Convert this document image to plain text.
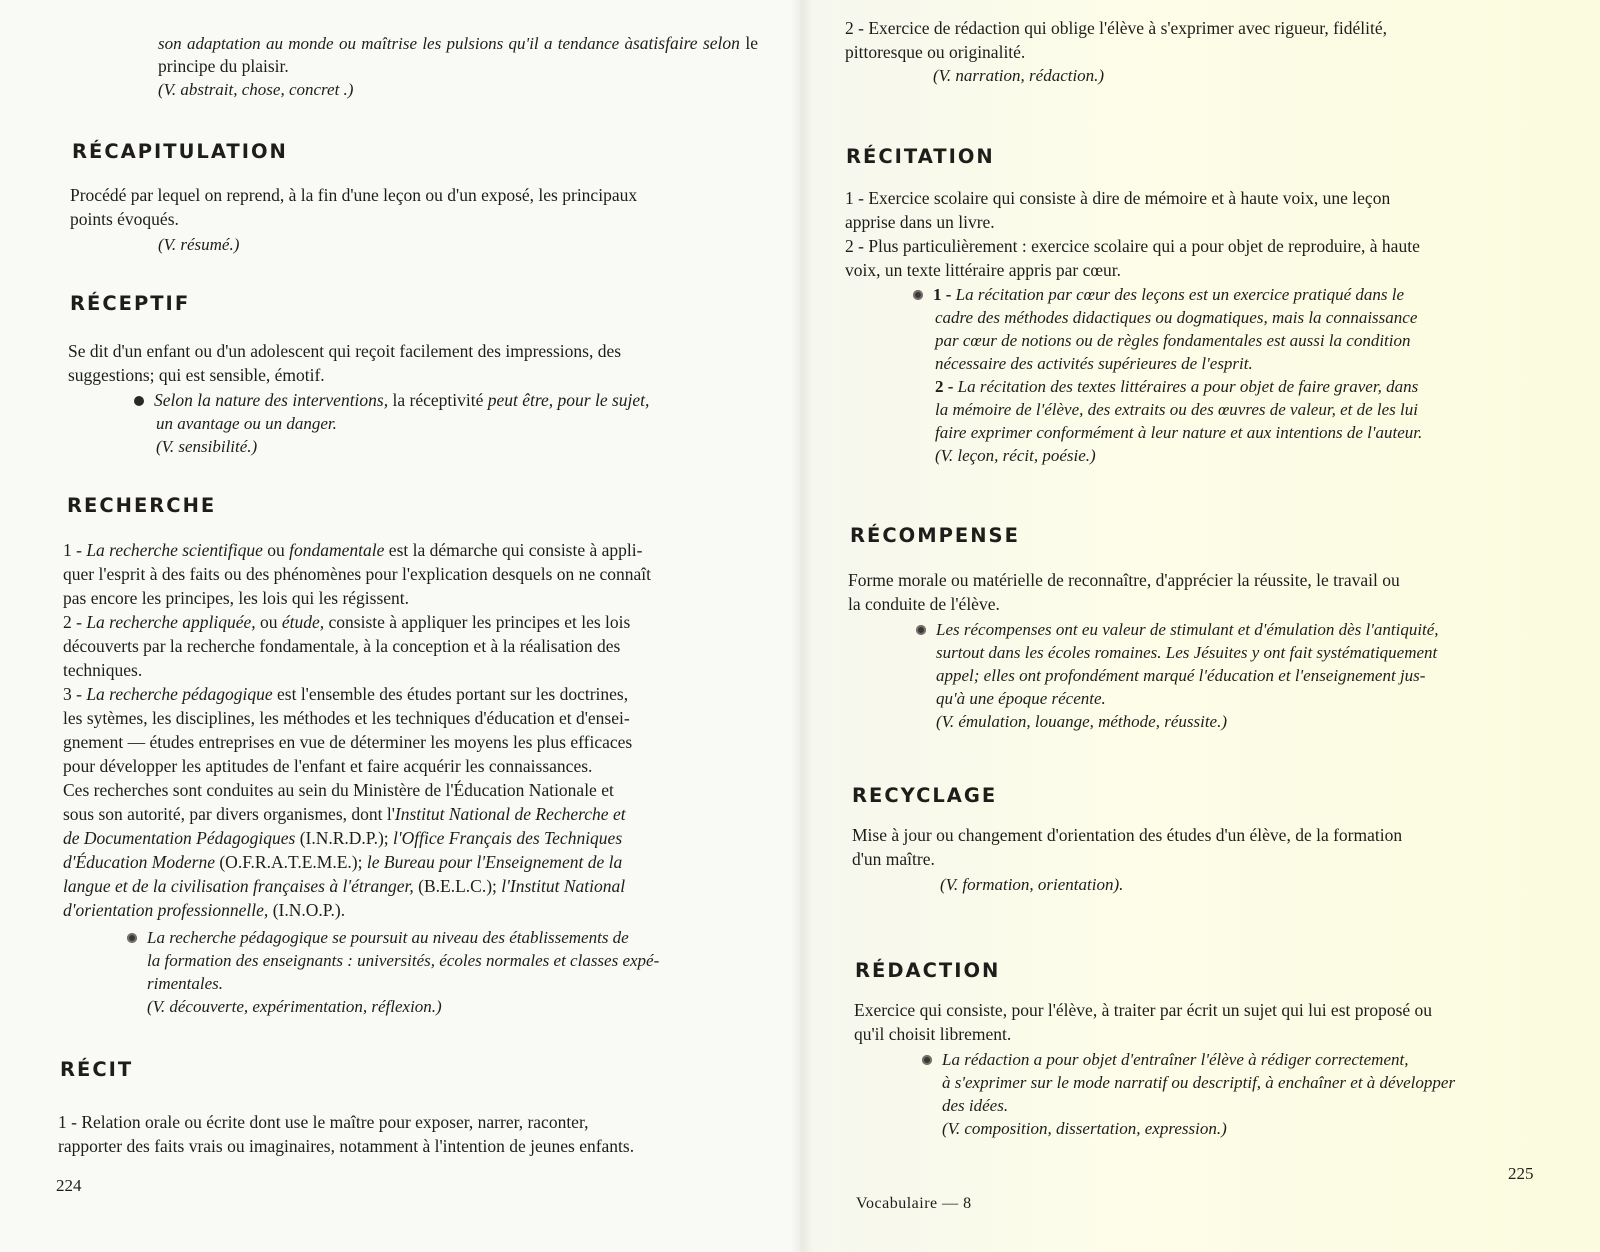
son adaptation au monde ou maîtrise les pulsions qu'il a tendance àsatisfaire selon le principe du plaisir.

(V. abstrait, chose, concret .)

RÉCAPITULATION

Procédé par lequel on reprend, à la fin d'une leçon ou d'un exposé, les principaux
points évoqués.

(V. résumé.)

RÉCEPTIF

Se dit d'un enfant ou d'un adolescent qui reçoit facilement des impressions, des
suggestions; qui est sensible, émotif.

Selon la nature des interventions, la réceptivité peut être, pour le sujet,

un avantage ou un danger.

(V. sensibilité.)

RECHERCHE

1 - La recherche scientifique ou fondamentale est la démarche qui consiste à appli-
quer l'esprit à des faits ou des phénomènes pour l'explication desquels on ne connaît
pas encore les principes, les lois qui les régissent.
2 - La recherche appliquée, ou étude, consiste à appliquer les principes et les lois
découverts par la recherche fondamentale, à la conception et à la réalisation des
techniques.
3 - La recherche pédagogique est l'ensemble des études portant sur les doctrines,
les sytèmes, les disciplines, les méthodes et les techniques d'éducation et d'ensei-
gnement — études entreprises en vue de déterminer les moyens les plus efficaces
pour développer les aptitudes de l'enfant et faire acquérir les connaissances.
Ces recherches sont conduites au sein du Ministère de l'Éducation Nationale et
sous son autorité, par divers organismes, dont l'Institut National de Recherche et
de Documentation Pédagogiques (I.N.R.D.P.); l'Office Français des Techniques
d'Éducation Moderne (O.F.R.A.T.E.M.E.); le Bureau pour l'Enseignement de la
langue et de la civilisation françaises à l'étranger, (B.E.L.C.); l'Institut National
d'orientation professionnelle, (I.N.O.P.).

La recherche pédagogique se poursuit au niveau des établissements de

la formation des enseignants : universités, écoles normales et classes expé-

rimentales.

(V. découverte, expérimentation, réflexion.)

RÉCIT

1 - Relation orale ou écrite dont use le maître pour exposer, narrer, raconter,
rapporter des faits vrais ou imaginaires, notamment à l'intention de jeunes enfants.

224

2 - Exercice de rédaction qui oblige l'élève à s'exprimer avec rigueur, fidélité,
pittoresque ou originalité.

(V. narration, rédaction.)

RÉCITATION

1 - Exercice scolaire qui consiste à dire de mémoire et à haute voix, une leçon
apprise dans un livre.
2 - Plus particulièrement : exercice scolaire qui a pour objet de reproduire, à haute
voix, un texte littéraire appris par cœur.

1 - La récitation par cœur des leçons est un exercice pratiqué dans le

cadre des méthodes didactiques ou dogmatiques, mais la connaissance

par cœur de notions ou de règles fondamentales est aussi la condition

nécessaire des activités supérieures de l'esprit.

2 - La récitation des textes littéraires a pour objet de faire graver, dans

la mémoire de l'élève, des extraits ou des œuvres de valeur, et de les lui

faire exprimer conformément à leur nature et aux intentions de l'auteur.

(V. leçon, récit, poésie.)

RÉCOMPENSE

Forme morale ou matérielle de reconnaître, d'apprécier la réussite, le travail ou
la conduite de l'élève.

Les récompenses ont eu valeur de stimulant et d'émulation dès l'antiquité,

surtout dans les écoles romaines. Les Jésuites y ont fait systématiquement

appel; elles ont profondément marqué l'éducation et l'enseignement jus-

qu'à une époque récente.

(V. émulation, louange, méthode, réussite.)

RECYCLAGE

Mise à jour ou changement d'orientation des études d'un élève, de la formation
d'un maître.

(V. formation, orientation).

RÉDACTION

Exercice qui consiste, pour l'élève, à traiter par écrit un sujet qui lui est proposé ou
qu'il choisit librement.

La rédaction a pour objet d'entraîner l'élève à rédiger correctement,

à s'exprimer sur le mode narratif ou descriptif, à enchaîner et à développer

des idées.

(V. composition, dissertation, expression.)

225
Vocabulaire — 8
